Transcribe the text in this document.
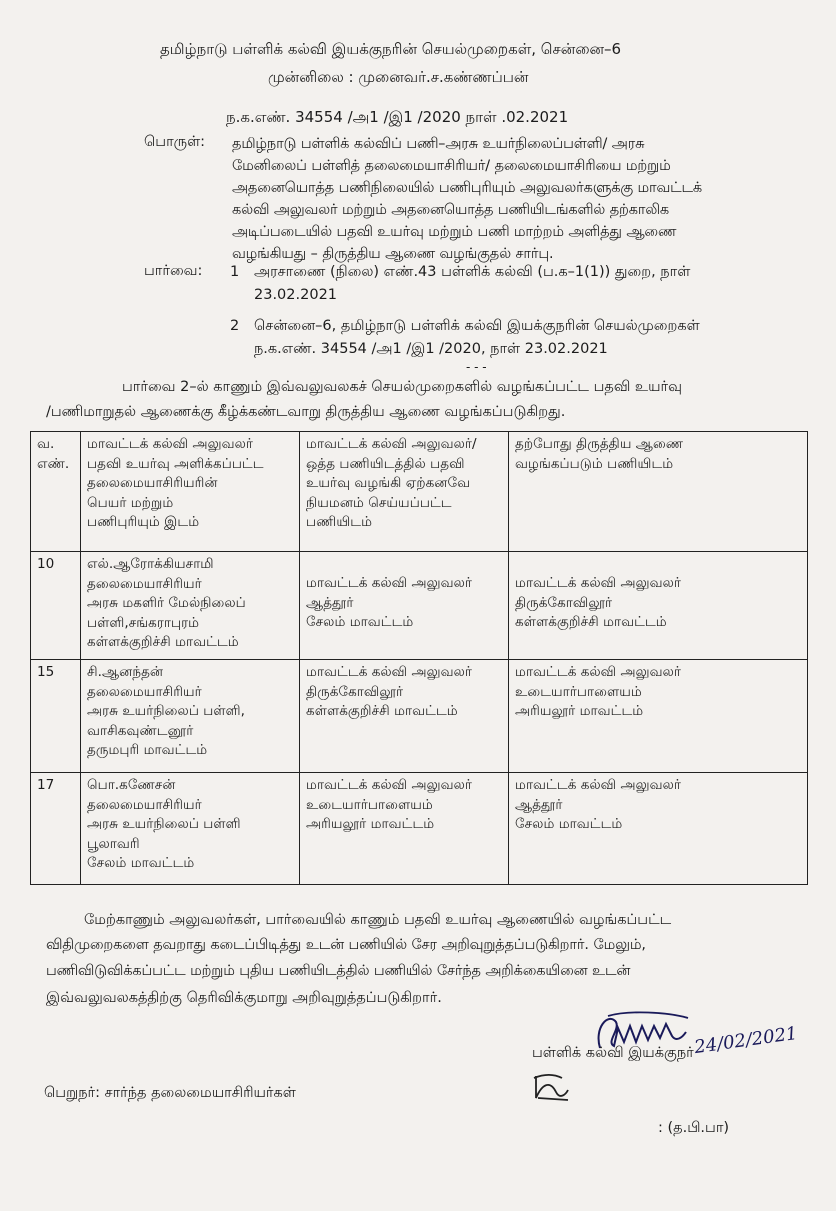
தமிழ்நாடு பள்ளிக் கல்வி இயக்குநரின் செயல்முறைகள், சென்னை–6
முன்னிலை : முனைவர்.ச.கண்ணப்பன்
ந.க.எண். 34554 /அ1 /இ1 /2020 நாள் .02.2021
பொருள்: தமிழ்நாடு பள்ளிக் கல்விப் பணி–அரசு உயர்நிலைப்பள்ளி/ அரசு
மேனிலைப் பள்ளித் தலைமையாசிரியர்/ தலைமையாசிரியை மற்றும்
அதனையொத்த பணிநிலையில் பணிபுரியும் அலுவலர்களுக்கு மாவட்டக்
கல்வி அலுவலர் மற்றும் அதனையொத்த பணியிடங்களில் தற்காலிக
அடிப்படையில் பதவி உயர்வு மற்றும் பணி மாற்றம் அளித்து ஆணை
வழங்கியது – திருத்திய ஆணை வழங்குதல் சார்பு.
பார்வை: 1 அரசாணை (நிலை) எண்.43 பள்ளிக் கல்வி (ப.க–1(1)) துறை, நாள்
23.02.2021
2 சென்னை–6, தமிழ்நாடு பள்ளிக் கல்வி இயக்குநரின் செயல்முறைகள்
ந.க.எண். 34554 /அ1 /இ1 /2020, நாள் 23.02.2021
- - -
பார்வை 2–ல் காணும் இவ்வலுவலகச் செயல்முறைகளில் வழங்கப்பட்ட பதவி உயர்வு
/பணிமாறுதல் ஆணைக்கு கீழ்க்கண்டவாறு திருத்திய ஆணை வழங்கப்படுகிறது.
வ.
எண்.	மாவட்டக் கல்வி அலுவலர்
பதவி உயர்வு அளிக்கப்பட்ட
தலைமையாசிரியரின்
பெயர் மற்றும்
பணிபுரியும் இடம்	மாவட்டக் கல்வி அலுவலர்/
ஒத்த பணியிடத்தில் பதவி
உயர்வு வழங்கி ஏற்கனவே
நியமனம் செய்யப்பட்ட
பணியிடம்	தற்போது திருத்திய ஆணை
வழங்கப்படும் பணியிடம்

10	எல்.ஆரோக்கியசாமி
தலைமையாசிரியர்
அரசு மகளிர் மேல்நிலைப்
பள்ளி,சங்கராபுரம்
கள்ளக்குறிச்சி மாவட்டம்	மாவட்டக் கல்வி அலுவலர்
ஆத்தூர்
சேலம் மாவட்டம்	மாவட்டக் கல்வி அலுவலர்
திருக்கோவிலூர்
கள்ளக்குறிச்சி மாவட்டம்

15	சி.ஆனந்தன்
தலைமையாசிரியர்
அரசு உயர்நிலைப் பள்ளி,
வாசிகவுண்டனூர்
தருமபுரி மாவட்டம்	மாவட்டக் கல்வி அலுவலர்
திருக்கோவிலூர்
கள்ளக்குறிச்சி மாவட்டம்	மாவட்டக் கல்வி அலுவலர்
உடையார்பாளையம்
அரியலூர் மாவட்டம்

17	பொ.கணேசன்
தலைமையாசிரியர்
அரசு உயர்நிலைப் பள்ளி
பூலாவரி
சேலம் மாவட்டம்	மாவட்டக் கல்வி அலுவலர்
உடையார்பாளையம்
அரியலூர் மாவட்டம்	மாவட்டக் கல்வி அலுவலர்
ஆத்தூர்
சேலம் மாவட்டம்
மேற்காணும் அலுவலர்கள், பார்வையில் காணும் பதவி உயர்வு ஆணையில் வழங்கப்பட்ட
விதிமுறைகளை தவறாது கடைப்பிடித்து உடன் பணியில் சேர அறிவுறுத்தப்படுகிறார். மேலும்,
பணிவிடுவிக்கப்பட்ட மற்றும் புதிய பணியிடத்தில் பணியில் சேர்ந்த அறிக்கையினை உடன்
இவ்வலுவலகத்திற்கு தெரிவிக்குமாறு அறிவுறுத்தப்படுகிறார்.
24/02/2021
பள்ளிக் கல்வி இயக்குநர்
பெறுநர்: சார்ந்த தலைமையாசிரியர்கள்
: (த.பி.பா)
